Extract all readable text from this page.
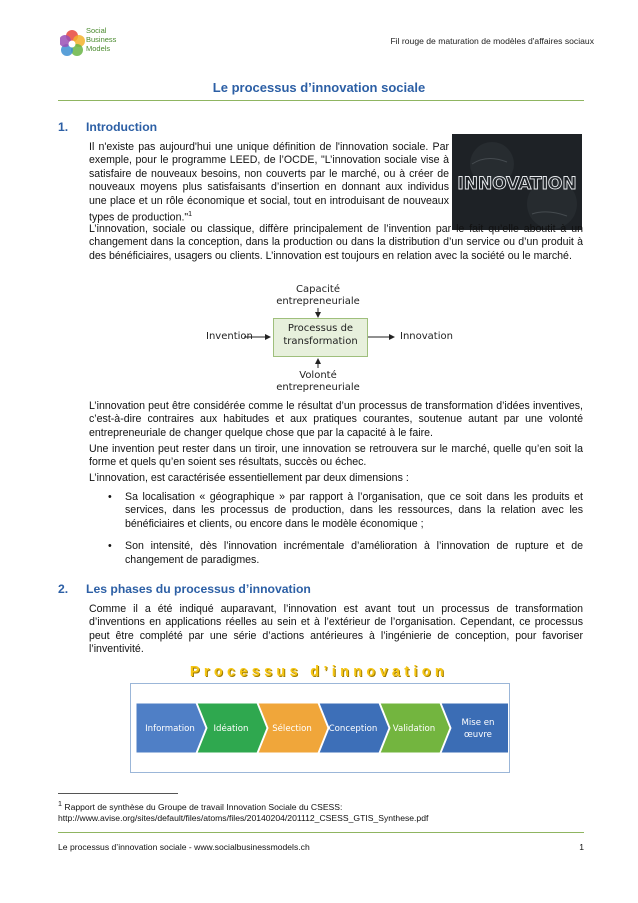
Social
Business
Models
Fil rouge de maturation de modèles d'affaires sociaux
Le processus d’innovation sociale
1. Introduction
Il n'existe pas aujourd'hui une unique définition de l'innovation sociale. Par exemple, pour le programme LEED, de l’OCDE, "L’innovation sociale vise à satisfaire de nouveaux besoins, non couverts par le marché, ou à créer de nouveaux moyens plus satisfaisants d’insertion en donnant aux individus une place et un rôle économique et social, tout en introduisant de nouveaux types de production."$^1$
INNOVATION
L’innovation, sociale ou classique, diffère principalement de l’invention par le fait qu’elle aboutit à un changement dans la conception, dans la production ou dans la distribution d’un service ou d’un produit à des bénéficiaires, usagers ou clients. L’innovation est toujours en relation avec la société ou le marché.
Capacité
entrepreneuriale
Invention
Processus de
transformation	Innovation
Volonté
entrepreneuriale
L’innovation peut être considérée comme le résultat d’un processus de transformation d’idées inventives, c’est-à-dire contraires aux habitudes et aux pratiques courantes, soutenue autant par une volonté entrepreneuriale de changer quelque chose que par la capacité à le faire.
Une invention peut rester dans un tiroir, une innovation se retrouvera sur le marché, quelle qu’en soit la forme et quels qu’en soient ses résultats, succès ou échec.
L’innovation, est caractérisée essentiellement par deux dimensions :
• Sa localisation « géographique » par rapport à l’organisation, que ce soit dans les produits et services, dans les processus de production, dans les ressources, dans la relation avec les bénéficiaires et clients, ou encore dans le modèle économique ;
• Son intensité, dès l’innovation incrémentale d’amélioration à l’innovation de rupture et de changement de paradigmes.
2. Les phases du processus d’innovation
Comme il a été indiqué auparavant, l’innovation est avant tout un processus de transformation d’inventions en applications réelles au sein et à l’extérieur de l’organisation. Cependant, ce processus peut être complété par une série d’actions antérieures à l’ingénierie de conception, pour favoriser l’inventivité.
Processus d’innovation
Information Idéation	Sélection Conception Validation
Mise en œuvre
$^1$ Rapport de synthèse du Groupe de travail Innovation Sociale du CSESS:
http://www.avise.org/sites/default/files/atoms/files/20140204/201112_CSESS_GTIS_Synthese.pdf
Le processus d’innovation sociale - www.socialbusinessmodels.ch	1
